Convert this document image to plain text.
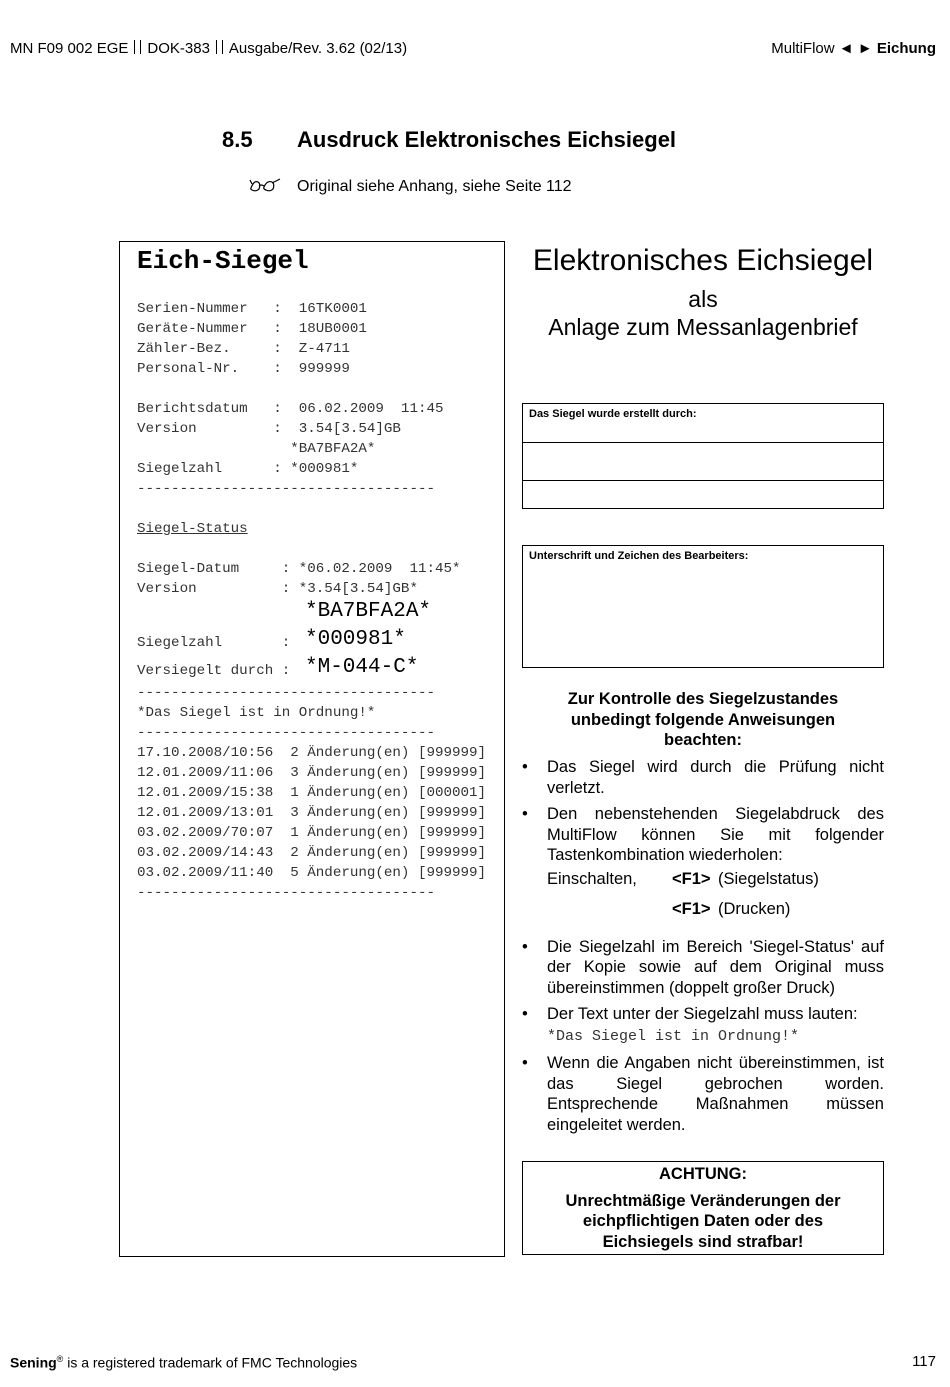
MN F09 002 EGE DOK-383 Ausgabe/Rev. 3.62 (02/13)	MultiFlow ◄ ► Eichung
8.5 Ausdruck Elektronisches Eichsiegel
Original siehe Anhang, siehe Seite 112
Eich-Siegel
Serien-Nummer   :  16TK0001
Geräte-Nummer   :  18UB0001
Zähler-Bez.     :  Z-4711
Personal-Nr.    :  999999
Berichtsdatum   :  06.02.2009  11:45
Version         :  3.54[3.54]GB
*BA7BFA2A*
Siegelzahl      : *000981*
-----------------------------------
Siegel-Status
Siegel-Datum     : *06.02.2009  11:45*
Version          : *3.54[3.54]GB*
*BA7BFA2A*
Siegelzahl       : *000981*
Versiegelt durch : *M-044-C*
-----------------------------------
*Das Siegel ist in Ordnung!*
-----------------------------------
17.10.2008/10:56  2 Änderung(en) [999999]
12.01.2009/11:06  3 Änderung(en) [999999]
12.01.2009/15:38  1 Änderung(en) [000001]
12.01.2009/13:01  3 Änderung(en) [999999]
03.02.2009/70:07  1 Änderung(en) [999999]
03.02.2009/14:43  2 Änderung(en) [999999]
03.02.2009/11:40  5 Änderung(en) [999999]
-----------------------------------
Elektronisches Eichsiegel
als
Anlage zum Messanlagenbrief
Das Siegel wurde erstellt durch:
Unterschrift und Zeichen des Bearbeiters:
Zur Kontrolle des Siegelzustandes
unbedingt folgende Anweisungen
beachten:
• Das Siegel wird durch die Prüfung nicht verletzt.
• Den nebenstehenden Siegelabdruck des MultiFlow können Sie mit folgender Tastenkombination wiederholen:
Einschalten, <F1> (Siegelstatus)
<F1> (Drucken)
• Die Siegelzahl im Bereich 'Siegel-Status' auf der Kopie sowie auf dem Original muss übereinstimmen (doppelt großer Druck)
• Der Text unter der Siegelzahl muss lauten:
*Das Siegel ist in Ordnung!*
• Wenn die Angaben nicht übereinstimmen, ist das Siegel gebrochen worden. Entsprechende Maßnahmen müssen eingeleitet werden.
ACHTUNG:
Unrechtmäßige Veränderungen der
eichpflichtigen Daten oder des
Eichsiegels sind strafbar!
Sening® is a registered trademark of FMC Technologies	117
